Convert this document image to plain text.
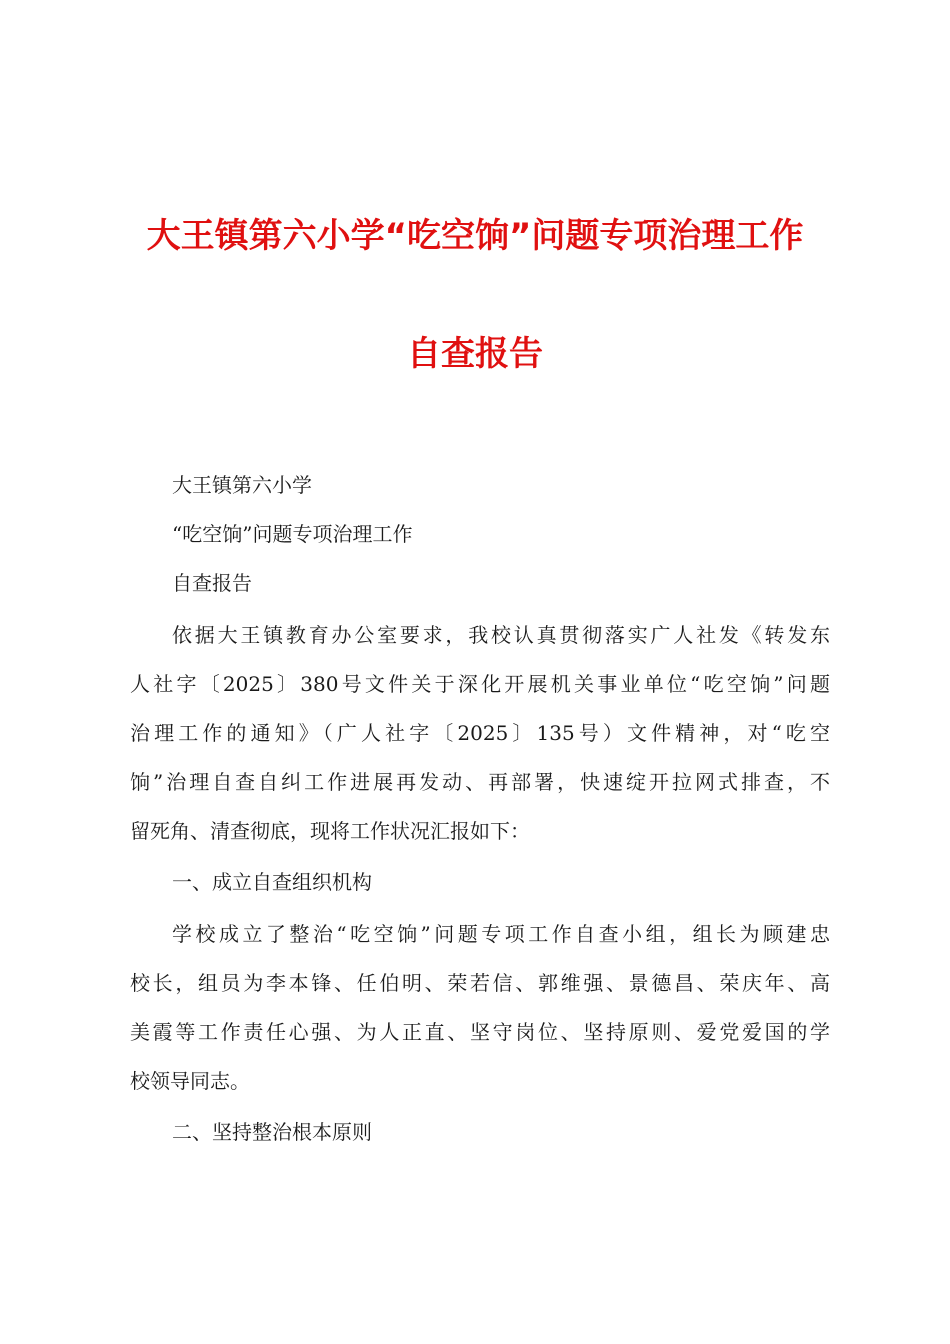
大王镇第六小学“吃空饷”问题专项治理工作
自查报告
大王镇第六小学
“吃空饷”问题专项治理工作
自查报告
依据大王镇教育办公室要求，我校认真贯彻落实广人社发《转发东
人社字〔2025〕380号文件关于深化开展机关事业单位“吃空饷”问题
治理工作的通知》（广人社字〔2025〕135号）文件精神，对“吃空
饷”治理自查自纠工作进展再发动、再部署，快速绽开拉网式排查，不
留死角、清查彻底，现将工作状况汇报如下：
一、成立自查组织机构
学校成立了整治“吃空饷”问题专项工作自查小组，组长为顾建忠
校长，组员为李本锋、任伯明、荣若信、郭维强、景德昌、荣庆年、高
美霞等工作责任心强、为人正直、坚守岗位、坚持原则、爱党爱国的学
校领导同志。
二、坚持整治根本原则
